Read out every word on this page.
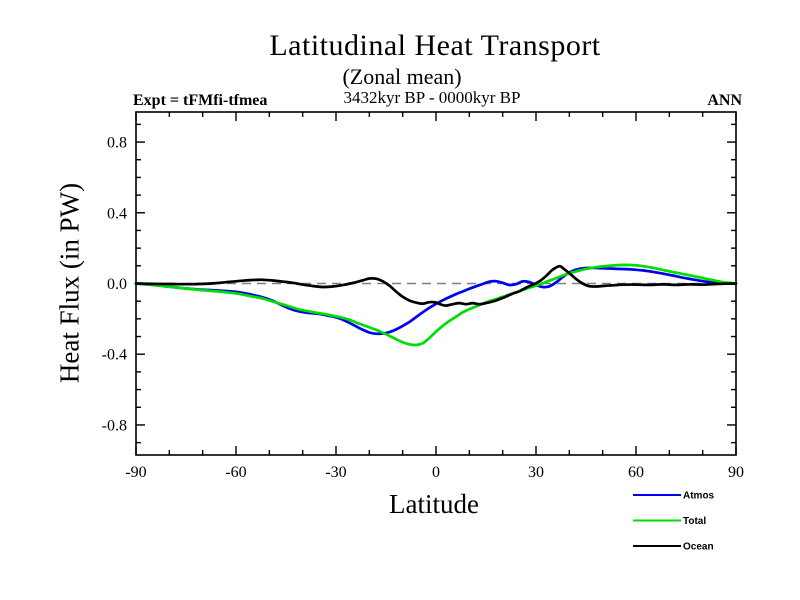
Latitudinal Heat Transport
(Zonal mean)
3432kyr BP - 0000kyr BP
Expt = tFMfi-tfmea	ANN
Heat Flux (in PW)
Latitude
-90	-60	-30	0	30	60	90
-0.8
-0.4
0.0
0.4
0.8
Atmos
Total
Ocean
